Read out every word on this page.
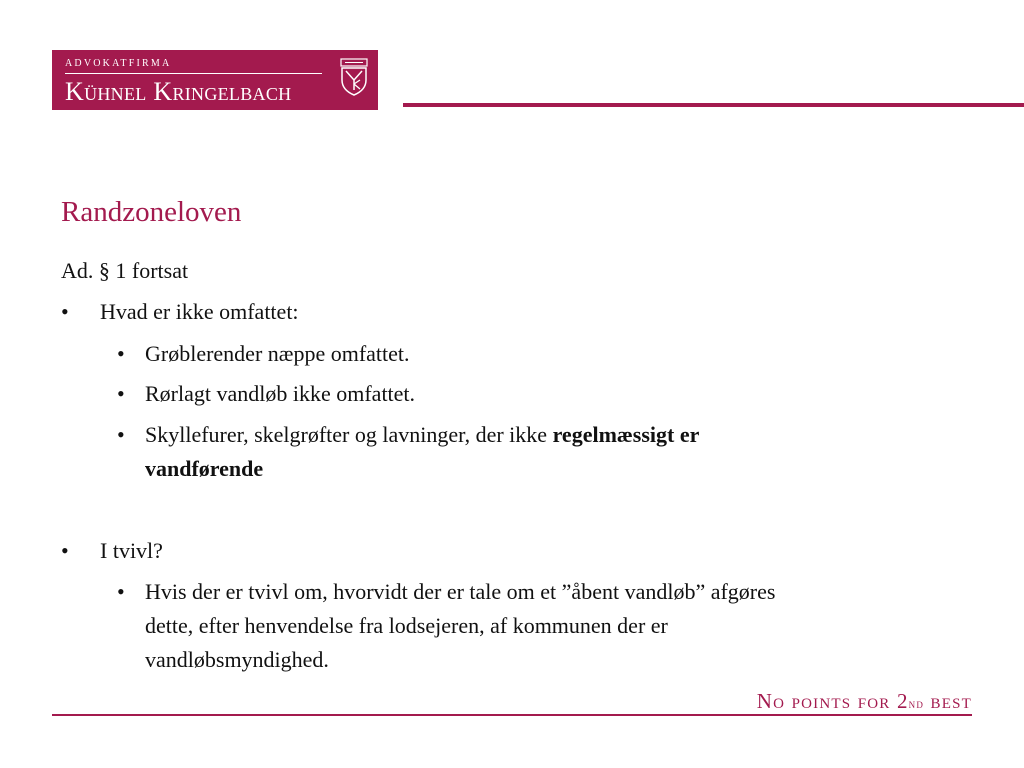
ADVOKATFIRMA
Kühnel Kringelbach
Randzoneloven
Ad. § 1 fortsat
• Hvad er ikke omfattet:
• Grøblerender næppe omfattet.
• Rørlagt vandløb ikke omfattet.
• Skyllefurer, skelgrøfter og lavninger, der ikke regelmæssigt er
vandførende
• I tvivl?
• Hvis der er tvivl om, hvorvidt der er tale om et ”åbent vandløb” afgøres
dette, efter henvendelse fra lodsejeren, af kommunen der er
vandløbsmyndighed.
No points for 2nd best
